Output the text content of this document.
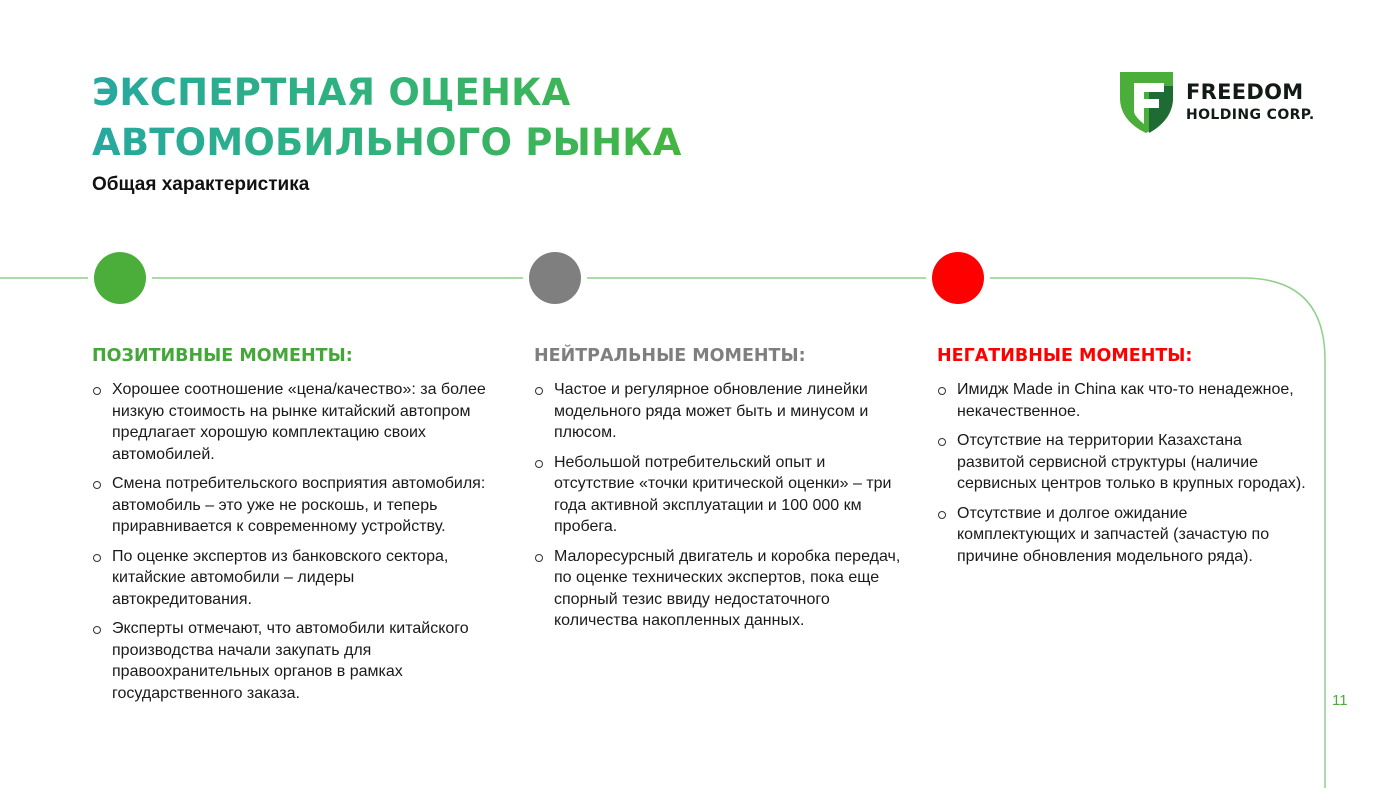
ЭКСПЕРТНАЯ ОЦЕНКА
АВТОМОБИЛЬНОГО РЫНКА
Общая характеристика
FREEDOM
HOLDING CORP.
ПОЗИТИВНЫЕ МОМЕНТЫ:
Хорошее соотношение «цена/качество»: за более низкую стоимость на рынке китайский автопром предлагает хорошую комплектацию своих автомобилей.
Смена потребительского восприятия автомобиля: автомобиль – это уже не роскошь, и теперь приравнивается к современному устройству.
По оценке экспертов из банковского сектора, китайские автомобили – лидеры автокредитования.
Эксперты отмечают, что автомобили китайского производства начали закупать для правоохранительных органов в рамках государственного заказа.
НЕЙТРАЛЬНЫЕ МОМЕНТЫ:
Частое и регулярное обновление линейки модельного ряда может быть и минусом и плюсом.
Небольшой потребительский опыт и отсутствие «точки критической оценки» – три года активной эксплуатации и 100 000 км пробега.
Малоресурсный двигатель и коробка передач, по оценке технических экспертов, пока еще спорный тезис ввиду недостаточного количества накопленных данных.
НЕГАТИВНЫЕ МОМЕНТЫ:
Имидж Made in China как что-то ненадежное, некачественное.
Отсутствие на территории Казахстана развитой сервисной структуры (наличие сервисных центров только в крупных городах).
Отсутствие и долгое ожидание комплектующих и запчастей (зачастую по причине обновления модельного ряда).
11
